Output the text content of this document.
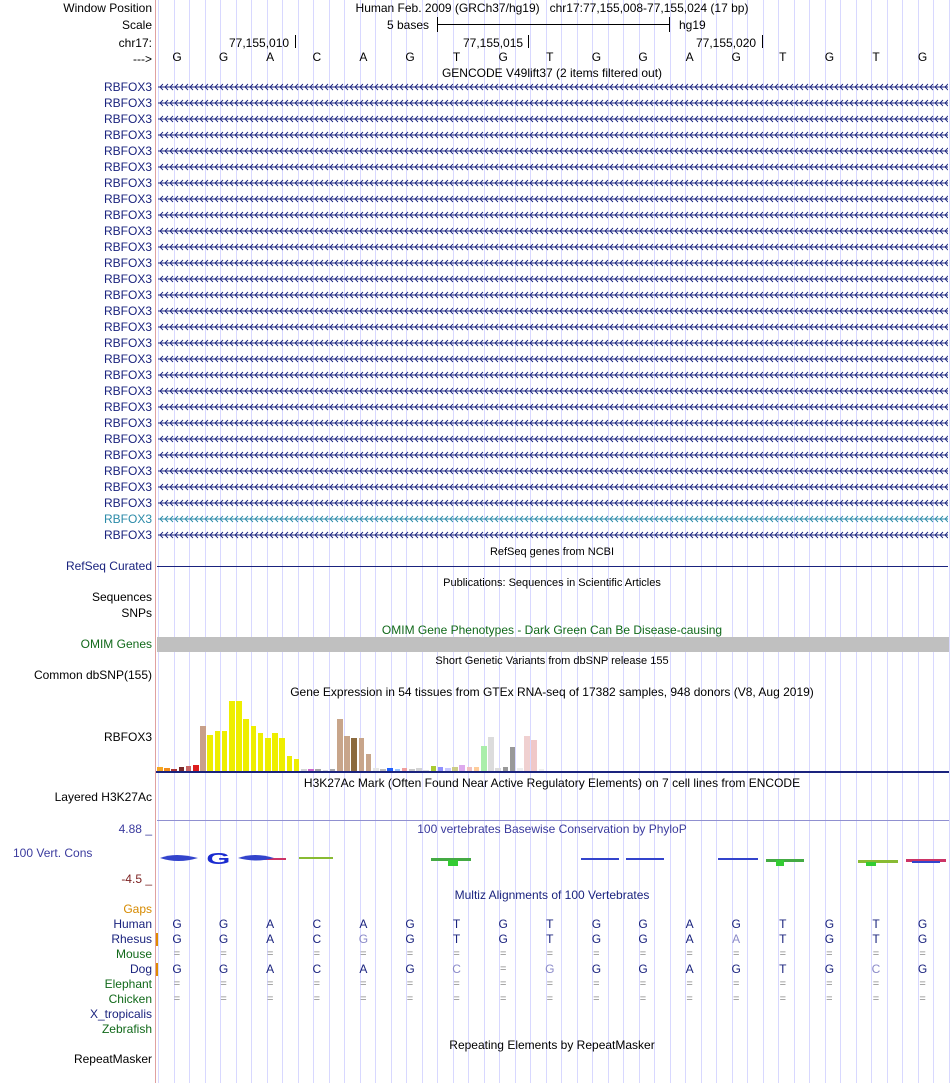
Window Position	Human Feb. 2009 (GRCh37/hg19)   chr17:77,155,008-77,155,024 (17 bp)
Scale	5 bases	hg19
chr17:	77,155,010	77,155,015	77,155,020
---> G	G	A	C	A	G	T	G	T	G	G	A	G	T	G	T	G
GENCODE V49lift37 (2 items filtered out)
RBFOX3
RBFOX3
RBFOX3
RBFOX3
RBFOX3
RBFOX3
RBFOX3
RBFOX3
RBFOX3
RBFOX3
RBFOX3
RBFOX3
RBFOX3
RBFOX3
RBFOX3
RBFOX3
RBFOX3
RBFOX3
RBFOX3
RBFOX3
RBFOX3
RBFOX3
RBFOX3
RBFOX3
RBFOX3
RBFOX3
RBFOX3
RBFOX3
RBFOX3
RefSeq genes from NCBI
RefSeq Curated
Publications: Sequences in Scientific Articles
Sequences
SNPs
OMIM Gene Phenotypes - Dark Green Can Be Disease-causing
OMIM Genes
Short Genetic Variants from dbSNP release 155
Common dbSNP(155)
Gene Expression in 54 tissues from GTEx RNA-seq of 17382 samples, 948 donors (V8, Aug 2019)
RBFOX3
H3K27Ac Mark (Often Found Near Active Regulatory Elements) on 7 cell lines from ENCODE
Layered H3K27Ac
4.88 _	100 vertebrates Basewise Conservation by PhyloP
100 Vert. Cons
-4.5 _
G
Multiz Alignments of 100 Vertebrates
Gaps
Human G	G	A	C	A	G	T	G	T	G	G	A	G	T	G	T	G
Rhesus G	G	A	C	G	G	T	G	T	G	G	A	A	T	G	T	G
Mouse =	=	=	=	=	=	=	=	=	=	=	=	=	=	=	=	=
Dog G	G	A	C	A	G	C	=	G	G	G	A	G	T	G	C	G
Elephant =	=	=	=	=	=	=	=	=	=	=	=	=	=	=	=	=
Chicken =	=	=	=	=	=	=	=	=	=	=	=	=	=	=	=	=
X_tropicalis
Zebrafish
Repeating Elements by RepeatMasker
RepeatMasker
